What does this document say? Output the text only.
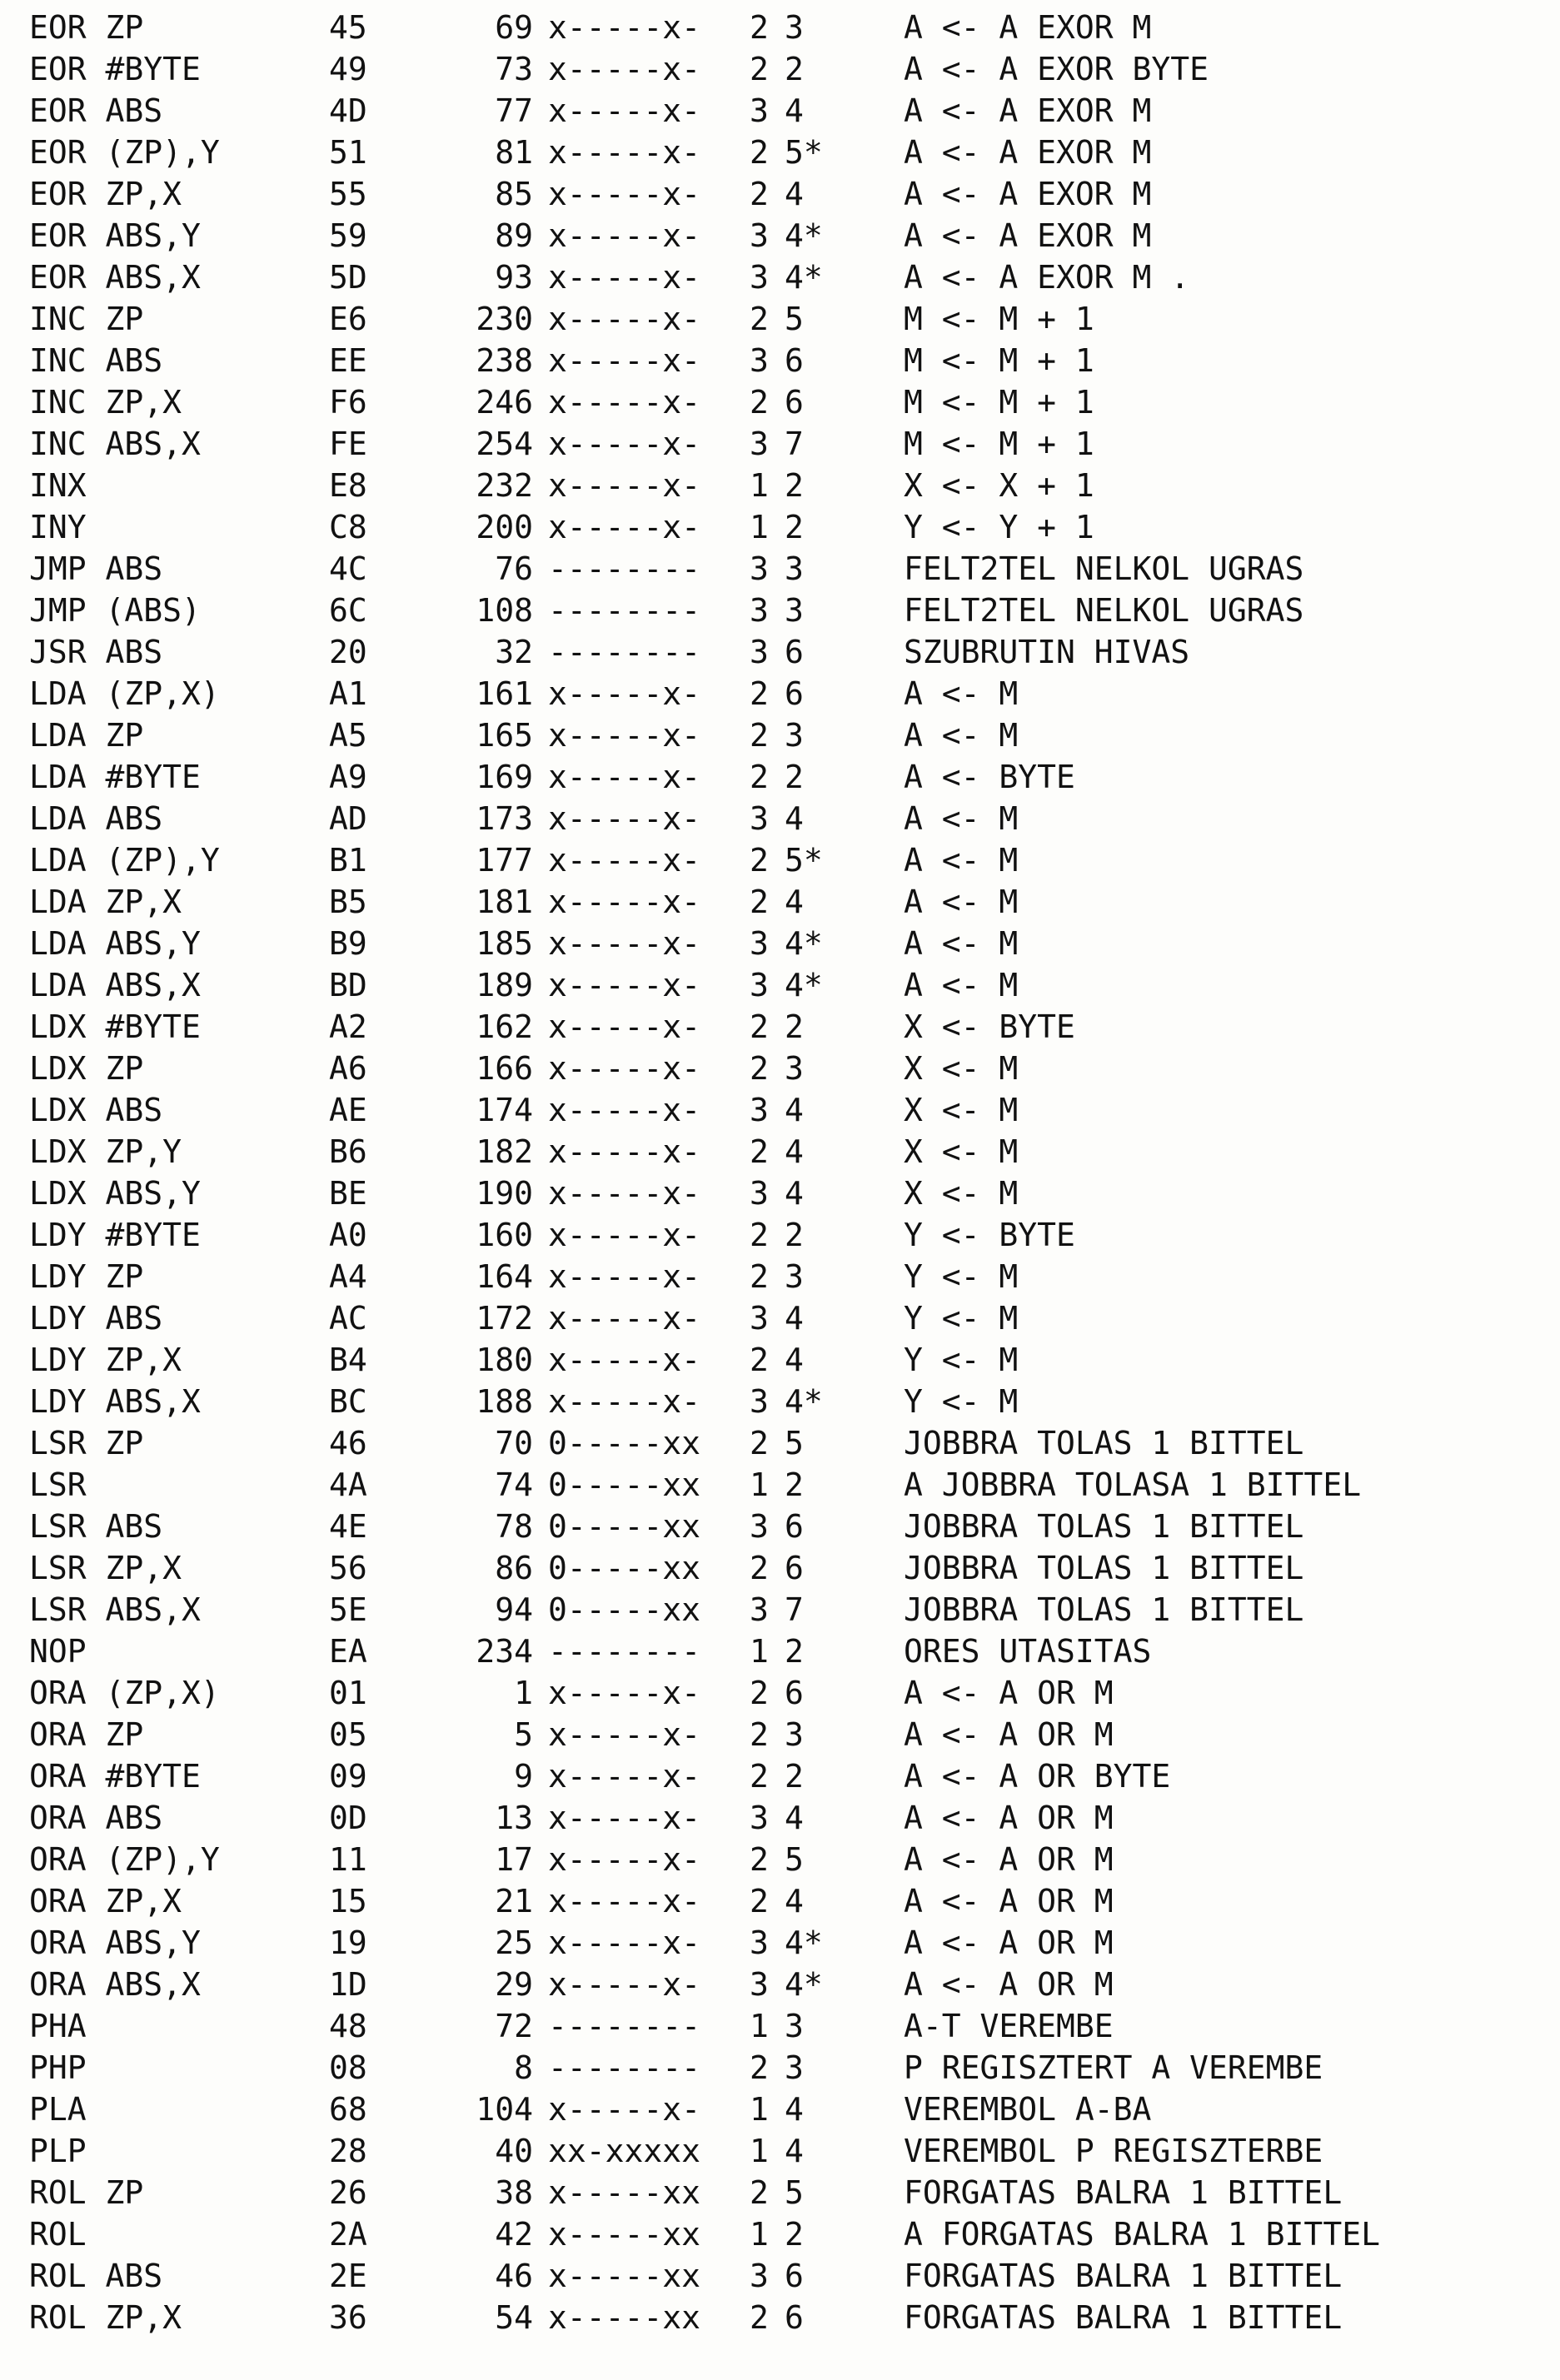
EOR ZP	45	69 x-----x- 2 3	A <- A EXOR M
EOR #BYTE	49	73 x-----x- 2 2	A <- A EXOR BYTE
EOR ABS	4D	77 x-----x- 3 4	A <- A EXOR M
EOR (ZP),Y	51	81 x-----x- 2 5*	A <- A EXOR M
EOR ZP,X	55	85 x-----x- 2 4	A <- A EXOR M
EOR ABS,Y	59	89 x-----x- 3 4*	A <- A EXOR M
EOR ABS,X	5D	93 x-----x- 3 4*	A <- A EXOR M .
INC ZP	E6	230 x-----x- 2 5	M <- M + 1
INC ABS	EE	238 x-----x- 3 6	M <- M + 1
INC ZP,X	F6	246 x-----x- 2 6	M <- M + 1
INC ABS,X	FE	254 x-----x- 3 7	M <- M + 1
INX	E8	232 x-----x- 1 2	X <- X + 1
INY	C8	200 x-----x- 1 2	Y <- Y + 1
JMP ABS	4C	76 -------- 3 3	FELT2TEL NELKOL UGRAS
JMP (ABS)	6C	108 -------- 3 3	FELT2TEL NELKOL UGRAS
JSR ABS	20	32 -------- 3 6	SZUBRUTIN HIVAS
LDA (ZP,X)	A1	161 x-----x- 2 6	A <- M
LDA ZP	A5	165 x-----x- 2 3	A <- M
LDA #BYTE	A9	169 x-----x- 2 2	A <- BYTE
LDA ABS	AD	173 x-----x- 3 4	A <- M
LDA (ZP),Y	B1	177 x-----x- 2 5*	A <- M
LDA ZP,X	B5	181 x-----x- 2 4	A <- M
LDA ABS,Y	B9	185 x-----x- 3 4*	A <- M
LDA ABS,X	BD	189 x-----x- 3 4*	A <- M
LDX #BYTE	A2	162 x-----x- 2 2	X <- BYTE
LDX ZP	A6	166 x-----x- 2 3	X <- M
LDX ABS	AE	174 x-----x- 3 4	X <- M
LDX ZP,Y	B6	182 x-----x- 2 4	X <- M
LDX ABS,Y	BE	190 x-----x- 3 4	X <- M
LDY #BYTE	A0	160 x-----x- 2 2	Y <- BYTE
LDY ZP	A4	164 x-----x- 2 3	Y <- M
LDY ABS	AC	172 x-----x- 3 4	Y <- M
LDY ZP,X	B4	180 x-----x- 2 4	Y <- M
LDY ABS,X	BC	188 x-----x- 3 4*	Y <- M
LSR ZP	46	70 0-----xx 2 5	JOBBRA TOLAS 1 BITTEL
LSR	4A	74 0-----xx 1 2	A JOBBRA TOLASA 1 BITTEL
LSR ABS	4E	78 0-----xx 3 6	JOBBRA TOLAS 1 BITTEL
LSR ZP,X	56	86 0-----xx 2 6	JOBBRA TOLAS 1 BITTEL
LSR ABS,X	5E	94 0-----xx 3 7	JOBBRA TOLAS 1 BITTEL
NOP	EA	234 -------- 1 2	ORES UTASITAS
ORA (ZP,X)	01	1 x-----x- 2 6	A <- A OR M
ORA ZP	05	5 x-----x- 2 3	A <- A OR M
ORA #BYTE	09	9 x-----x- 2 2	A <- A OR BYTE
ORA ABS	0D	13 x-----x- 3 4	A <- A OR M
ORA (ZP),Y	11	17 x-----x- 2 5	A <- A OR M
ORA ZP,X	15	21 x-----x- 2 4	A <- A OR M
ORA ABS,Y	19	25 x-----x- 3 4*	A <- A OR M
ORA ABS,X	1D	29 x-----x- 3 4*	A <- A OR M
PHA	48	72 -------- 1 3	A-T VEREMBE
PHP	08	8 -------- 2 3	P REGISZTERT A VEREMBE
PLA	68	104 x-----x- 1 4	VEREMBOL A-BA
PLP	28	40 xx-xxxxx 1 4	VEREMBOL P REGISZTERBE
ROL ZP	26	38 x-----xx 2 5	FORGATAS BALRA 1 BITTEL
ROL	2A	42 x-----xx 1 2	A FORGATAS BALRA 1 BITTEL
ROL ABS	2E	46 x-----xx 3 6	FORGATAS BALRA 1 BITTEL
ROL ZP,X	36	54 x-----xx 2 6	FORGATAS BALRA 1 BITTEL
